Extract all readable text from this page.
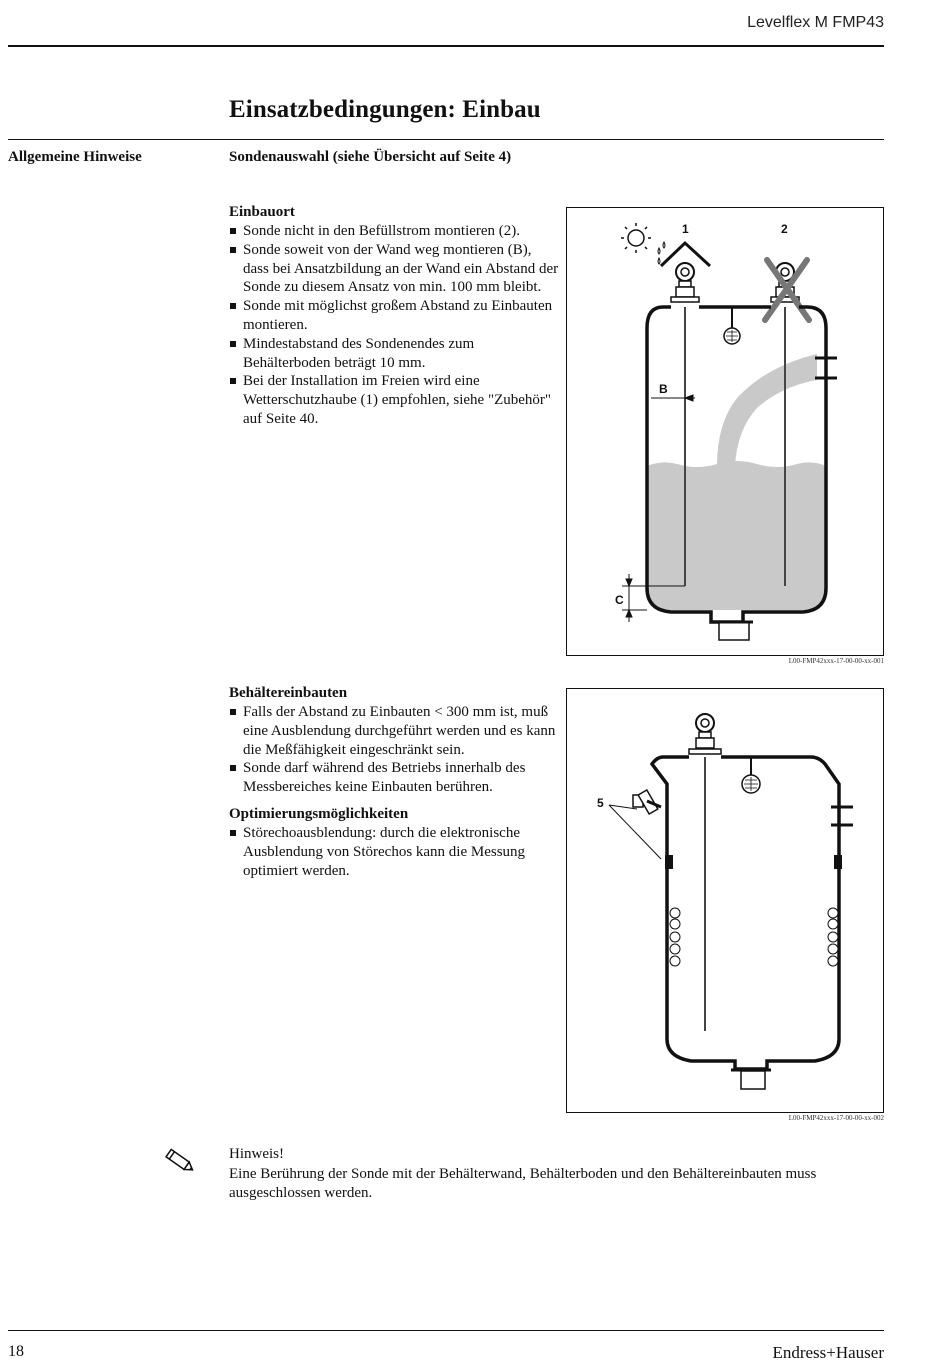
Levelflex M FMP43
Einsatzbedingungen: Einbau
Allgemeine Hinweise	Sondenauswahl (siehe Übersicht auf Seite 4)
Einbauort
Sonde nicht in den Befüllstrom montieren (2).
Sonde soweit von der Wand weg montieren (B), dass bei Ansatzbildung an der Wand ein Abstand der Sonde zu diesem Ansatz von min. 100 mm bleibt.
Sonde mit möglichst großem Abstand zu Einbauten montieren.
Mindestabstand des Sondenendes zum Behälterboden beträgt 10 mm.
Bei der Installation im Freien wird eine Wetterschutzhaube (1) empfohlen, siehe "Zubehör" auf Seite 40.
1	2
B
C
L00-FMP42xxx-17-00-00-xx-001
Behältereinbauten
Falls der Abstand zu Einbauten < 300 mm ist, muß eine Ausblendung durchgeführt werden und es kann die Meßfähigkeit eingeschränkt sein.
Sonde darf während des Betriebs innerhalb des Messbereiches keine Einbauten berühren.
Optimierungsmöglichkeiten
Störechoausblendung: durch die elektronische Ausblendung von Störechos kann die Messung optimiert werden.
5
L00-FMP42xxx-17-00-00-xx-002
Hinweis!
Eine Berührung der Sonde mit der Behälterwand, Behälterboden und den Behältereinbauten muss ausgeschlossen werden.
18	Endress+Hauser
